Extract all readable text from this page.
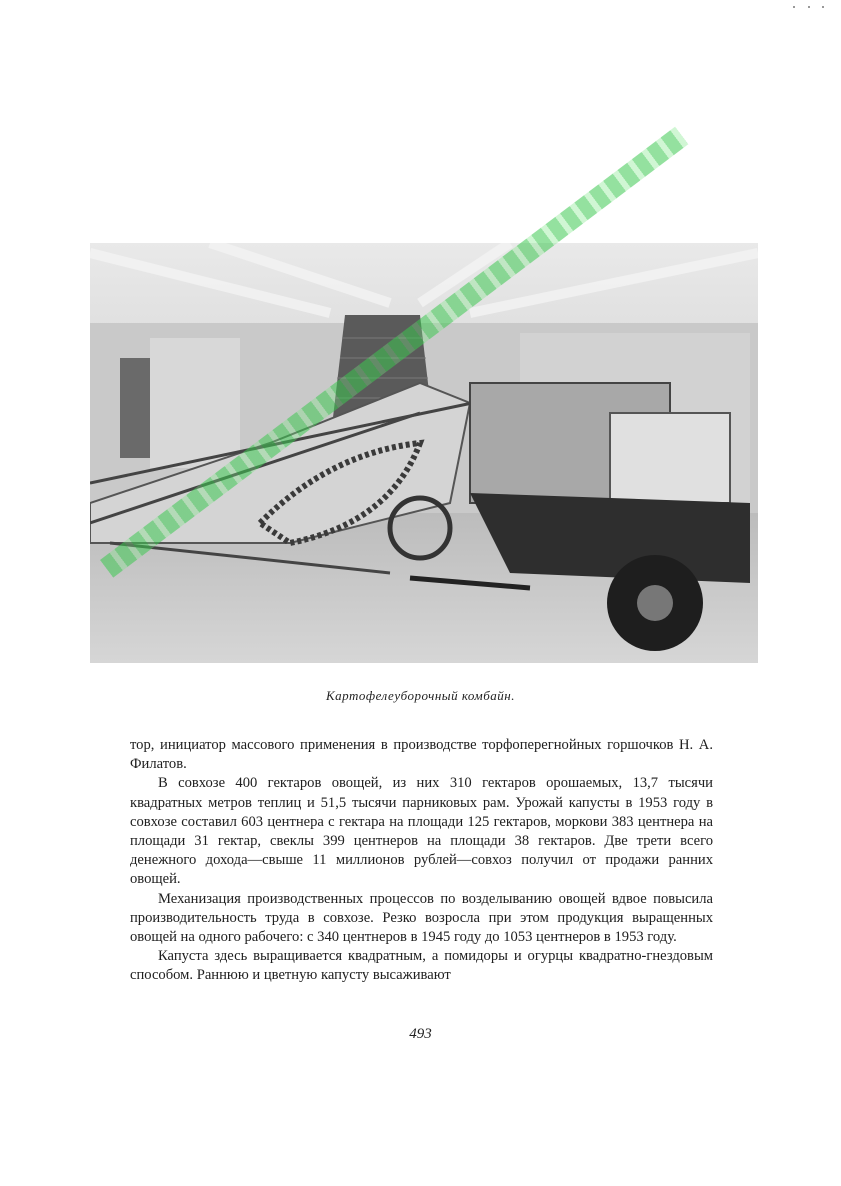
Картофелеуборочный комбайн.

тор, инициатор массового применения в производстве торфоперегнойных горшочков Н. А. Филатов.

В совхозе 400 гектаров овощей, из них 310 гектаров орошаемых, 13,7 тысячи квадратных метров теплиц и 51,5 тысячи парниковых рам. Урожай капусты в 1953 году в совхозе составил 603 центнера с гектара на площади 125 гектаров, моркови 383 центнера на площади 31 гектар, свеклы 399 центнеров на площади 38 гектаров. Две трети всего денежного дохода—свыше 11 миллионов рублей—совхоз получил от продажи ранних овощей.

Механизация производственных процессов по возделыванию овощей вдвое повысила производительность труда в совхозе. Резко возросла при этом продукция выращенных овощей на одного рабочего: с 340 центнеров в 1945 году до 1053 центнеров в 1953 году.

Капуста здесь выращивается квадратным, а помидоры и огурцы квадратно-гнездовым способом. Раннюю и цветную капусту высаживают

493
